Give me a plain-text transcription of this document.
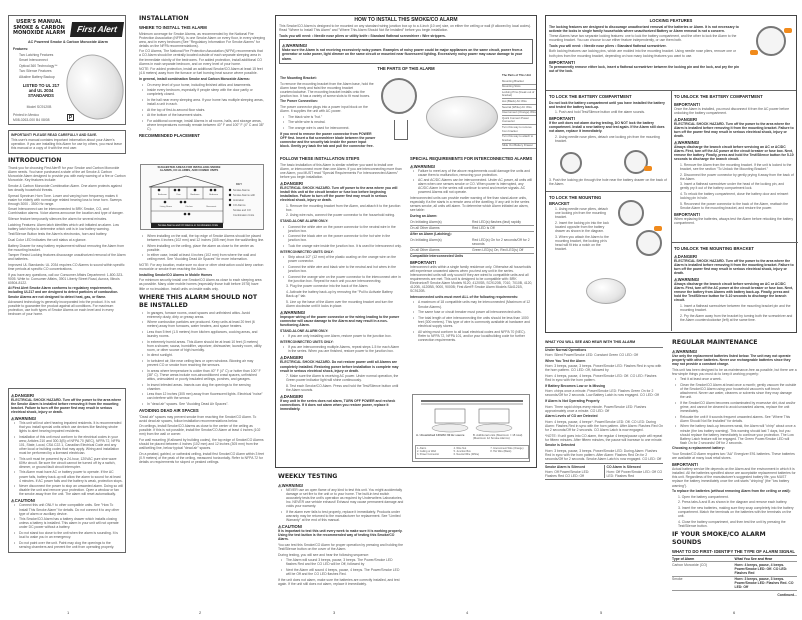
USER'S MANUAL
SMOKE & CARBON
MONOXIDE ALARM	First Alert
AC Powered Smoke & Carbon Monoxide Alarm
Features:
Two Latching Features
Smart Interconnect
Optical 360 Technology™
Two Silence Features
Alkaline Battery Backup
LISTED TO UL 217 and UL 2034 STANDARDS
Model SC9120B
Printed in Mexico
M08-0263-000 B4 08/08	P
IMPORTANT! PLEASE READ CAREFULLY AND SAVE.
This user's manual contains important information about your Alarm's operation. If you are installing this Alarm for use by others, you must leave this manual or a copy of it with the end user.
INTRODUCTION
Thank you for choosing First Alert® for your Smoke and Carbon Monoxide Alarm needs. You have purchased a state of the art Smoke & Carbon Monoxide Alarm designed to provide you with early warning of a fire or Carbon Monoxide. Key features include:
Smoke & Carbon Monoxide Combination Alarm. One alarm protects against two deadly household threats.
Spread Spectrum Horn Tone. Lower and varying horn frequency makes it easier for elderly with normal age related hearing loss to hear horn. Sweeps through 3000 - 3500 Hz range.
Smart Interconnect can be interconnected to BRK Smoke, CO, and Combination alarms. Voice alarms announce the location and type of danger.
Silence feature temporarily silences the alarm for several minutes.
Latching Features: Alarm latch identifies which unit initiated an alarm. Low battery latch helps to determine which unit is in low battery warning.
Test/Silence Button tests the Alarm's electronics, horn and battery.
Dual Color LED indicates the unit status at a glance.
Battery Drawer for easy battery replacement without removing the Alarm from the mounting bracket.
Tamper Resist Locking features discourage unauthorized removal of the Alarm and batteries.
Improved UL Standards: UL 2034 requires CO Alarms to sound within specific time periods at specific CO concentrations.
If you have any questions, call our Consumer Affairs Department: 1-800-323-9005. Write to: Consumer Affairs, 3901 Liberty Street Road, Aurora, Illinois 60504-8122.
At First Alert Smoke Alarm conforms to regulatory requirements, including UL217 and are designed to detect particles of combustion. Smoke Alarms are not designed to detect heat, gas, or flame.
Advanced technology is generally incorporated into the product. It is not possible to guarantee the product against all conditions. For maximum protection, use both types of Smoke Alarms on each level and in every bedroom of your home.
⚠DANGER!
ELECTRICAL SHOCK HAZARD. Turn off the power to the area where the Smoke Alarm is installed before removing it from the mounting bracket. Failure to turn off the power first may result in serious electrical shock, injury or death.
⚠WARNING!
• This unit will not alert hearing impaired residents. It is recommended that you install special units which use devices like flashing strobe lights to alert hearing impaired residents.
• Installation of this unit must conform to the electrical codes in your area; Articles 210 and 300.3(B) of NFPA 70 (NEC), NFPA 72, NFPA 101, State, Local, CSA C22.1, Canadian Electrical Code and any other local or building codes that may apply. Wiring and installation must be performed by a licensed electrician.
• This unit must be powered by a 24-hour, 120VAC pure sine wave 60Hz circuit. Be sure the circuit cannot be turned off by a switch, dimmer, or ground fault circuit interrupter.
• This Alarm must have AC or battery power to operate. If the AC power fails, battery back-up will allow the alarm to sound for at least 4 minutes. If AC power fails and the battery is weak, protection stops.
• Never disconnect the power to stop an unwanted alarm. Doing so will disable the unit and remove your protection. Open a window or fan the smoke away from the unit. The alarm will reset automatically.
⚠CAUTION!
• Connect this unit ONLY to other compatible units. See "How To Install This Smoke Alarm" for details. Do not connect it to any other type of alarm or auxiliary device.
• This Smoke/CO Alarm has a battery drawer which installs closing unless a battery is installed. This alarm in your unit will not operate under DC power without a battery.
• Do not stand too close to the unit when the alarm is sounding. It is loud to wake you in an emergency.
• Do not paint over the unit. Paint may clog the openings to the sensing chambers and prevent the unit from operating properly.
INSTALLATION
WHERE TO INSTALL THIS ALARM
Minimum coverage for Smoke Alarms, as recommended by the National Fire Protection Association (NFPA), is one Smoke Alarm on every floor, in every sleeping area, and in every bedroom (See "Regulatory Information For Smoke Alarms" for details on the NFPA recommendations).
For CO Alarms, The National Fire Protection Association (NFPA) recommends that a CO Alarm should be centrally located outside of each separate sleeping area in the immediate vicinity of the bedrooms. For added protection, install additional CO Alarms in each separate bedroom, and on every level of your home.
NOTE: For added protection, install an additional Smoke/CO Alarm at least 15 feet (4.6 meters) away from the furnace or fuel burning heat source where possible.
In general, install combination Smoke and Carbon Monoxide Alarms:
• On every level of your home, including finished attics and basements.
• Inside every bedroom, especially if people sleep with the door partly or completely closed.
• In the hall near every sleeping area. If your home has multiple sleeping areas, install a unit in each.
• At the top of first-to-second floor stairs.
• At the bottom of the basement stairs.
• For additional coverage, install Alarms in all rooms, halls, and storage areas, where temperatures normally remain between 40° F and 100° F (4° C and 38° C).
RECOMMENDED PLACEMENT
SUGGESTED AREAS FOR INSTALLING SMOKE ALARMS, CO ALARMS, AND COMBO UNITS
Smoke Alarms and CO Alarms or Combination Units
KEY
Smoke Alarms
Smoke Alarms with Ionization
CO Alarms
Smoke and CO Combination Units
Bedroom	Den	Bedroom	Bedroom
Living Room	Kitchen	Basement
• When installing on the wall, the top edge of Smoke Alarms should be placed between 4 inches (102 mm) and 12 inches (305 mm) from the wall/ceiling line.
• When installing on the ceiling, place the alarm as close to the center as possible.
• In either case, install at least 4 inches (102 mm) from where the wall and ceiling meet. See "Avoiding Dead Air Spaces" for more information.
NOTE: For any location, make sure no door or other obstruction could keep carbon monoxide or smoke from reaching the Alarm.
Installing Smoke/CO Alarms in Mobile Homes
For minimum security install one Smoke/CO Alarm as close to each sleeping area as possible. Many older mobile homes (especially those built before 1978) have little or no insulation. Install units on inside walls only.
WHERE THIS ALARM SHOULD NOT BE INSTALLED
• In garages, furnace rooms, crawl spaces and unfinished attics. Avoid extremely dusty, dirty or greasy areas.
• Where combustion particles are produced. Keep units at least 20 feet (6 meters) away from furnaces, water heaters, and space heaters.
• Less than 5 feet (1.5 meters) from kitchen appliances, cooking areas, and laundry rooms.
• In extremely humid areas. This Alarm should be at least 10 feet (3 meters) from a shower, sauna, humidifier, vaporizer, dishwasher, laundry room, utility room, or other source of high humidity.
• In direct sunlight.
• In turbulent air, like near ceiling fans or open windows. Blowing air may prevent CO or smoke from reaching the sensors.
• In areas where temperature is colder than 40° F (4° C) or hotter than 100° F (38° C). These areas include non-airconditioned crawl spaces, unfinished attics, uninsulated or poorly insulated ceilings, porches, and garages.
• In insect infested areas. Insects can clog the openings to the sensing chamber.
• Less than 12 inches (305 mm) away from fluorescent lights. Electrical "noise" can interfere with the sensor.
• In "dead air" spaces. See "Avoiding Dead Air Spaces".
AVOIDING DEAD AIR SPACES
"Dead air" spaces may prevent smoke from reaching the Smoke/CO Alarm. To avoid dead air spaces, follow installation recommendations below.
On ceilings, install Smoke/CO Alarms as close to the center of the ceiling as possible. If this is not possible, install the Smoke/CO Alarm at least 4 inches (102 mm) from the wall or corner.
For wall mounting (if allowed by building codes), the top edge of Smoke/CO Alarms should be placed between 4 inches (102 mm) and 12 inches (305 mm) from the wall/ceiling line, below typical "dead air" spaces.
On a peaked, gabled, or cathedral ceiling, install first Smoke/CO Alarm within 3 feet (0.9 meters) of the peak of the ceiling, measured horizontally. Refer to NFPA 72 for details on requirements for sloped or peaked ceilings.
HOW TO INSTALL THIS SMOKE/CO ALARM
This Smoke/CO Alarm is designed to be mounted on any standard wiring junction box up to a 4-inch (10 cm) size, on either the ceiling or wall (if allowed by local codes). Read "Where to Install This Alarm" and "Where This Alarm Should Not Be Installed" before you begin installation.
Tools you will need: • Needle nose pliers or utility knife • Standard flathead screwdriver • Wire strippers.
⚠WARNING!
Make sure the Alarm is not receiving excessively noisy power. Examples of noisy power could be major appliances on the same circuit, power from a generator or solar power, light dimmer on the same circuit or mounted near fluorescent lighting. Excessively noisy power may cause damage to your alarm.
THE PARTS OF THIS ALARM
The Mounting Bracket:
To remove the mounting bracket from the Alarm base, hold the Alarm base firmly and twist the mounting bracket counterclockwise. The mounting bracket installs onto the junction box. It has a variety of screw slots to fit most boxes.
The Power Connection:
The power connector plugs into a power input block on the Alarm. It supplies the unit with AC power.
• The black wire is "hot."
• The white wire is neutral.
• The orange wire is used for interconnect.
If you need to remove the power connector from POWER OFF first. Insert a flat screwdriver blade between the power connector and the security tab inside the power input block. Gently pry back the tab and pull the connector free.
The Parts of This Unit
Mounting Bracket
Mounting Slots
Locking Pins (break out of bracket)
Hot (Black) AC Wire
Neutral (White) AC Wire
Interconnect (Orange) Wire
Quick Connect Power Connector
Turn this way to remove from bracket
Turn this way to attach to bracket
Slide Out Battery Drawer
FOLLOW THESE INSTALLATION STEPS
The basic installation of this Alarm is similar whether you want to install one Alarm, or interconnect more than one Alarm. If you are interconnecting more than one Alarm, you MUST read "Special Requirements For Interconnected Alarms" before you begin installation.
⚠DANGER!
ELECTRICAL SHOCK HAZARD. Turn off power to the area where you will install this unit at the circuit breaker or fuse box before beginning installation. Failure to turn off the power first may result in serious electrical shock, injury or death.
1. Remove the mounting bracket from the Alarm, and attach it to the junction box.
2. Using wire nuts, connect the power connector to the household wiring.
STAND-ALONE ALARM ONLY:
• Connect the white wire on the power connector to the neutral wire in the junction box.
• Connect the black wire on the power connector to the hot wire in the junction box.
• Tuck the orange wire inside the junction box. It is used for interconnect only.
INTERCONNECTED UNITS ONLY:
• Strip about 1/2" (12 mm) of the plastic coating on the orange wire on the power connector.
• Connect the white wire and black wire to the neutral and hot wires in the junction box.
• Connect the orange wire on the power connector to the interconnect wire in the junction box. Repeat for each unit you are interconnecting.
3. Plug the power connector into the back of the Alarm.
4. Activate the battery back-up by removing the "Pull to Activate Battery Back-up" tab.
5. Line up the base of the Alarm over the mounting bracket and turn the Alarm clockwise until it locks in place.
⚠WARNING!
Improper wiring of the power connector or the wiring leading to the power connector will cause damage to the Alarm and may result in a non-functioning Alarm.
STAND-ALONE ALARM ONLY:
• If you are only installing one Alarm, restore power to the junction box.
INTERCONNECTED UNITS ONLY:
• If you are interconnecting multiple Alarms, repeat steps 1-5 for each Alarm in the series. When you are finished, restore power to the junction box.
⚠DANGER!
ELECTRICAL SHOCK HAZARD. Do not restore power until all Alarms are completely installed. Restoring power before installation is complete may result in serious electrical shock, injury or death.
7. Make sure the Alarm is receiving AC power. Under normal operation, the Green power indicator light will shine continuously.
8. Test each Smoke/CO Alarm. Press and hold the Test/Silence button until the Alarm sounds.
⚠DANGER!
If any unit in the series does not alarm, TURN OFF POWER and recheck connections. If it does not alarm when you restore power, replace it immediately.
SPECIAL REQUIREMENTS FOR INTERCONNECTED ALARMS
⚠WARNING!
• Failure to meet any of the above requirements could damage the units and cause them to malfunction, removing your protection.
• AC and AC/DC Alarms can be interconnected. Under AC power, all units will alarm when one senses smoke or CO. When power is interrupted, any AC/DC Alarm in the series will continue to send and receive signals. AC powered Alarms will not operate.
Interconnected units can provide earlier warning of fire than stand-alone units, especially if a fire starts in a remote area of the dwelling. If any unit in the series senses smoke, all units will alarm. To determine which Alarm initiated an alarm, see table:
During an Alarm:
On Initiating Alarm(s)	Red LED(s) flashes (fast) rapidly
On all Other Alarms	Red LED is Off
After an Alarm (Latching):
On Initiating Alarm(s)	Red LED(s) On for 2 seconds/Off for 2 seconds
On all Other Alarms	Green LED(s) On, Red LED(s) Off
Compatible Interconnected Units
IMPORTANT!
Interconnect units within a single family residence only. Otherwise all households will experience unwanted alarms when you test any unit in the series. Interconnected units will only sound if they are wired to compatible units and all requirements are met. This unit is designed to be compatible with: BRK Electronics® Smoke Alarm Models 9120, 4120SB, SC9120B, 7010, 7010B, 4120, 4120B, 4120BB, 9000, 9000B; First Alert® Smoke Alarm Models SA4121B, SC9120B.
Interconnected units must meet ALL of the following requirements:
• A maximum of 18 compatible units may be interconnected (Maximum of 12 Smoke Alarms).
• The same fuse or circuit breaker must power all interconnected units.
• The total length of wire interconnecting the units should be less than 1000 feet (300 meters). This type of wire is commonly available at hardware and electrical supply stores.
• All wiring must conform to all local electrical codes and NFPA 70 (NEC). Refer to NFPA 72, NFPA 101, and/or your local/building code for further connection requirements.
A. Unswitched 120VAC 60 Hz source	B. Additional units (Maximum = 18 total) (Maximum 12 Smoke Alarms)
1. Alarm	4. Wire Nut	7. Interconnect Wire (Orange)
2. Ceiling or Wall	5. Junction Box	8. Hot Wire (Black)
3. Power Connector	6. Neutral Wire (White)
WEEKLY TESTING
⚠WARNING!
• NEVER use an open flame of any kind to test this unit. You might accidentally damage or set fire to the unit or to your home. The built-in test switch accurately tests the unit's operation as required by Underwriters Laboratories, Inc. NEVER use vehicle exhaust! Exhaust may cause permanent damage and voids your warranty.
• If the alarm ever fails to test properly, replace it immediately. Products under warranty may be returned to the manufacturer for replacement. See "Limited Warranty" at the end of this manual.
⚠CAUTION!
It is important to test this unit every week to make sure it is working properly. Using the test button is the recommended way of testing this Smoke/CO Alarm.
You can test this Smoke/CO Alarm for proper operation by pressing and holding the Test/Silence button on the cover of the Alarm.
During testing, you will see and hear the following sequence:
• The Alarm will sound 3 beeps, pause, 3 beeps. The Power/Smoke LED flashes Red and the CO LED will be Off, followed by
• Next the Alarm will sound 4 beeps, pause, 4 beeps. The Power/Smoke LED will be Off and the CO LED flashes Red.
If the unit does not alarm, make sure the batteries are correctly installed, and test again. If the unit still does not alarm, replace it immediately.
LOCKING FEATURES
The locking features are designed to discourage unauthorized removal of the batteries or Alarm. It is not necessary to activate the locks in single family households where unauthorized Battery or Alarm removal is not a concern.
These Alarms have two separate locking features: one to lock the battery compartment, and the other to lock the Alarm to the mounting bracket. You can choose to use either feature independently, or use them both.
Tools you will need: • Needle nose pliers • Standard flathead screwdriver.
Both locking features use locking pins, which are molded into the mounting bracket. Using needle nose pliers, remove one or both pins from the mounting bracket, depending on how many locking features you want to use.
IMPORTANT!
To permanently remove either lock, insert a flathead screwdriver between the locking pin and the lock, and pry the pin out of the lock.
TO LOCK THE BATTERY COMPARTMENT
Do not lock the battery compartment until you have installed the battery and tested the battery back-up.
1. Push and hold Test/Silence button until the alarm sounds.
IMPORTANT!
If the unit does not alarm during testing, DO NOT lock the battery compartment. Install a new battery and test again. If the Alarm still does not alarm, replace it immediately.
2. Using needle nose pliers, detach one locking pin from the mounting bracket.
3. Push the locking pin through the hole near the battery drawer on the back of the Alarm.
TO LOCK THE MOUNTING BRACKET
1. Using needle nose pliers, detach one locking pin from the mounting bracket.
2. Insert the locking pin into the lock located opposite from the battery drawer as shown in the diagram.
3. When you attach the Alarm to the mounting bracket, the locking pin's head will fit into a notch on the bracket.
TO UNLOCK THE BATTERY COMPARTMENT
IMPORTANT!
Once the Alarm is installed, you must disconnect it from the AC power before unlocking the battery compartment.
⚠DANGER!
ELECTRICAL SHOCK HAZARD. Turn off the power to the area where the Alarm is installed before removing it from the mounting bracket. Failure to turn off the power first may result in serious electrical shock, injury or death.
⚠WARNING!
Always discharge the branch circuit before servicing an AC or AC/DC Alarm. First, turn off the AC power at the circuit breaker or fuse box. Next, remove the battery. Finally, press and hold the Test/Silence button for 5-10 seconds to discharge the branch circuit.
1. Remove the Alarm from the mounting bracket. If the unit is locked to the bracket, see the section "To Unlock the Mounting Bracket."
2. Disconnect the power connector by gently prying it away from the back of the Alarm.
3. Insert a flathead screwdriver under the head of the locking pin, and gently pry it out of the battery compartment lock.
4. To relock the battery compartment, close the battery door and reinsert locking pin in hole.
5. Reconnect the power connector to the back of the Alarm, reattach the Smoke Alarm to the mounting bracket, and restore the power.
IMPORTANT!
When replacing the batteries, always test the Alarm before relocking the battery compartment.
TO UNLOCK THE MOUNTING BRACKET
⚠DANGER!
ELECTRICAL SHOCK HAZARD. Turn off the power to the area where the Alarm is installed before removing it from the mounting bracket. Failure to turn off the power first may result in serious electrical shock, injury or death.
⚠WARNING!
Always discharge the branch circuit before servicing an AC or AC/DC Alarm. First, turn off the AC power at the circuit breaker or fuse box. Next, remove the battery from Alarms with battery back-up. Finally, press and hold the Test/Silence button for 5-10 seconds to discharge the branch circuit.
1. Insert a flathead screwdriver between the mounting bracket pin and the mounting bracket.
2. Pry the Alarm away from the bracket by turning both the screwdriver and the Alarm counterclockwise (left) at the same time.
WHAT YOU WILL SEE AND HEAR WITH THIS ALARM
Under Normal Operations
Horn: Silent Power/Smoke LED: Constant Green CO LED: Off
When You Test the Alarm
Horn: 3 beeps, pause, 3 beeps. Power/Smoke LED: Flashes Red in sync with the horn pattern. CO LED: Off, followed by
Horn: 4 beeps, pause, 4 beeps. Power/Smoke LED: Off. CO LED: Flashes Red in sync with the horn pattern.
If Battery Becomes Low or is Missing
Horn: chirps once a minute. Power/Smoke LED: Flashes Green On for 2 seconds/Off for 2 seconds. Low Battery Latch is now engaged. CO LED: Off
If Alarm is Not Operating Properly
Horn: Three rapid chirps every minute. Power/Smoke LED: Flashes approximately once a minute. CO LED: Off
Alarm Levels of CO are Detected
Horn: 4 beeps, pause, 4 beeps*. Power/Smoke LED: Off. CO LED: During Alarm: Flashes Red in sync with the horn pattern. After Alarm: Flashes Red On for 2 seconds/Off for 2 seconds. CO Alarm Latch is now engaged.
*NOTE: If unit goes into CO alarm, the regular 4 beeps/pause cycle will repeat for fifteen minutes. After fifteen minutes, the pause will increase to one minute.
Smoke is Detected
Horn: 3 beeps, pause, 3 beeps. Power/Smoke LED: During Alarm: Flashes Red in sync with the horn pattern. After Alarm: Flashes Red On for 2 seconds/Off for 2 seconds. Smoke Alarm Latch is now engaged. CO LED: Off
Smoke Alarm is Silenced
Horn: Off Power/Smoke LED: Flashes Red CO LED: Off
CO Alarm is Silenced
Horn: Off Power/Smoke LED: Off CO LED: Flashes Red
REGULAR MAINTENANCE
⚠WARNING!
Use only the replacement batteries listed below. The unit may not operate properly with other batteries. Never use rechargeable batteries since they may not provide a constant charge.
This unit has been designed to be as maintenance-free as possible, but there are a few simple things you must do to keep it working properly:
• Test it at least once a week.
• Clean the Smoke/CO Alarm at least once a month; gently vacuum the outside of the Smoke/CO Alarm using your household vacuum's soft brush attachment. Never use water, cleaners or solvents since they may damage the unit.
• If the Smoke/CO Alarm becomes contaminated by excessive dirt, dust and/or grime, and cannot be cleaned to avoid unwanted alarms, replace the unit immediately.
• Relocate the unit if it sounds frequent unwanted alarms. See "Where This Alarm Should Not Be Installed" for details.
• When the battery back-up becomes weak, the Alarm will "chirp" about once a minute (the low battery warning). This warning should last 7 days, but you should replace the battery immediately to continue your protection. The Low Battery Latch feature will be engaged. The Green Power/Smoke LED will flash On for 2 seconds/ Off for 2 seconds.
Choosing a replacement battery:
Your Smoke/CO Alarm requires two "AA" Energizer E91 batteries. These batteries are available at many local retail stores.
IMPORTANT!
Actual battery service life depends on the Alarm and the environment in which it is installed. All the batteries specified above are acceptable replacement batteries for this unit. Regardless of the manufacturer's suggested battery life, you MUST replace the battery immediately once the unit starts "chirping" (the "low battery warning").
To replace the batteries (without removing Alarm from the ceiling or wall):
1. Open the battery compartment.
2. Press tabs A and B as shown in the diagram and remove each battery.
3. Insert the new batteries, making sure they snap completely into the battery compartment. Match the terminals on the batteries with the terminals on the unit.
4. Close the battery compartment, and then test the unit by pressing the Test/Silence button.
IF YOUR SMOKE/CO ALARM SOUNDS
WHAT TO DO FIRST- IDENTIFY THE TYPE OF ALARM SIGNAL
Type of Alarm	What You See and Hear
Carbon Monoxide (CO)	Horn: 4 beeps, pause, 4 beeps. Power/Smoke LED: Off. CO LED: Flashes Red
Smoke	Horn: 3 beeps, pause, 3 beeps. Power/Smoke LED: Flashes Red. CO LED: Off
Continued...
1	2	3	4	5	6
